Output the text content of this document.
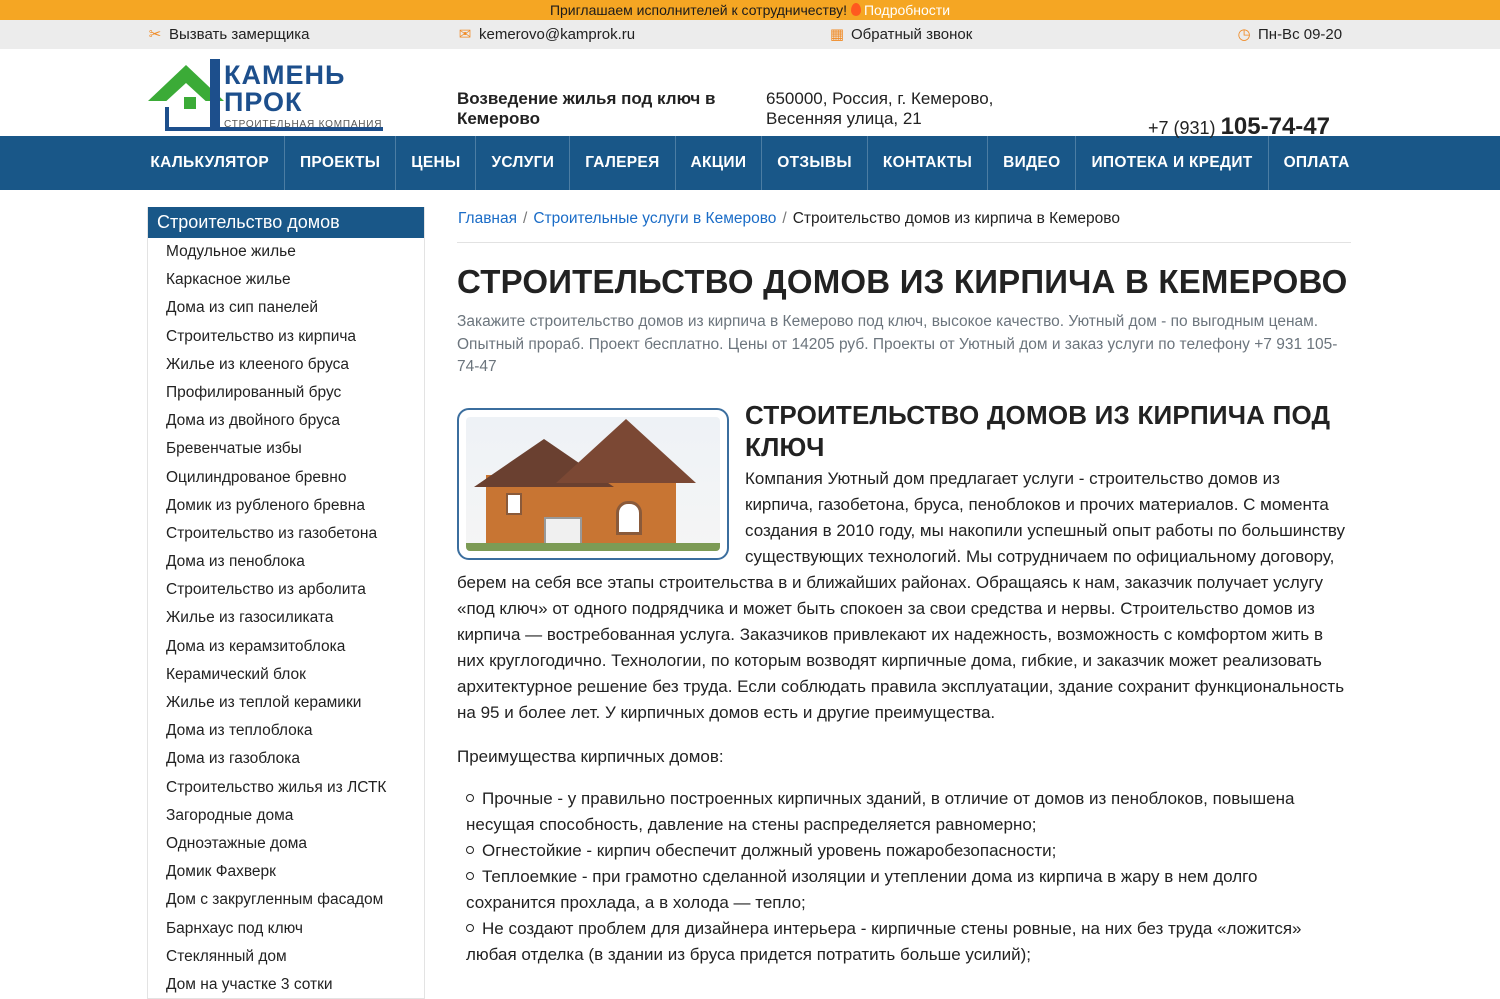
Приглашаем исполнителей к сотрудничеству! Подробности
✂ Вызвать замерщика	✉ kemerovo@kamprok.ru	▦ Обратный звонок	◷ Пн-Вс 09-20
КАМЕНЬ
ПРОК
СТРОИТЕЛЬНАЯ КОМПАНИЯ
Возведение жилья под ключ в Кемерово
650000, Россия, г. Кемерово, Весенняя улица, 21	+7 (931) 105-74-47
КАЛЬКУЛЯТОР	ПРОЕКТЫ	ЦЕНЫ	УСЛУГИ	ГАЛЕРЕЯ	АКЦИИ	ОТЗЫВЫ	КОНТАКТЫ	ВИДЕО	ИПОТЕКА И КРЕДИТ	ОПЛАТА
Строительство домов
Модульное жилье
Каркасное жилье
Дома из сип панелей
Строительство из кирпича
Жилье из клееного бруса
Профилированный брус
Дома из двойного бруса
Бревенчатые избы
Оцилиндрованое бревно
Домик из рубленого бревна
Строительство из газобетона
Дома из пеноблока
Строительство из арболита
Жилье из газосиликата
Дома из керамзитоблока
Керамический блок
Жилье из теплой керамики
Дома из теплоблока
Дома из газоблока
Строительство жилья из ЛСТК
Загородные дома
Одноэтажные дома
Домик Фахверк
Дом с закругленным фасадом
Барнхаус под ключ
Стеклянный дом
Дом на участке 3 сотки
Главная / Строительные услуги в Кемерово / Строительство домов из кирпича в Кемерово
СТРОИТЕЛЬСТВО ДОМОВ ИЗ КИРПИЧА В КЕМЕРОВО

Закажите строительство домов из кирпича в Кемерово под ключ, высокое качество. Уютный дом - по выгодным ценам. Опытный прораб. Проект бесплатно. Цены от 14205 руб. Проекты от Уютный дом и заказ услуги по телефону +7 931 105-74-47

СТРОИТЕЛЬСТВО ДОМОВ ИЗ КИРПИЧА ПОД КЛЮЧ

Компания Уютный дом предлагает услуги - строительство домов из кирпича, газобетона, бруса, пеноблоков и прочих материалов. С момента создания в 2010 году, мы накопили успешный опыт работы по большинству существующих технологий. Мы сотрудничаем по официальному договору, берем на себя все этапы строительства в и ближайших районах. Обращаясь к нам, заказчик получает услугу «под ключ» от одного подрядчика и может быть спокоен за свои средства и нервы. Строительство домов из кирпича — востребованная услуга. Заказчиков привлекают их надежность, возможность с комфортом жить в них круглогодично. Технологии, по которым возводят кирпичные дома, гибкие, и заказчик может реализовать архитектурное решение без труда. Если соблюдать правила эксплуатации, здание сохранит функциональность на 95 и более лет. У кирпичных домов есть и другие преимущества.

Преимущества кирпичных домов:

Прочные - у правильно построенных кирпичных зданий, в отличие от домов из пеноблоков, повышена несущая способность, давление на стены распределяется равномерно;
Огнестойкие - кирпич обеспечит должный уровень пожаробезопасности;
Теплоемкие - при грамотно сделанной изоляции и утеплении дома из кирпича в жару в нем долго сохранится прохлада, а в холода — тепло;
Не создают проблем для дизайнера интерьера - кирпичные стены ровные, на них без труда «ложится» любая отделка (в здании из бруса придется потратить больше усилий);
